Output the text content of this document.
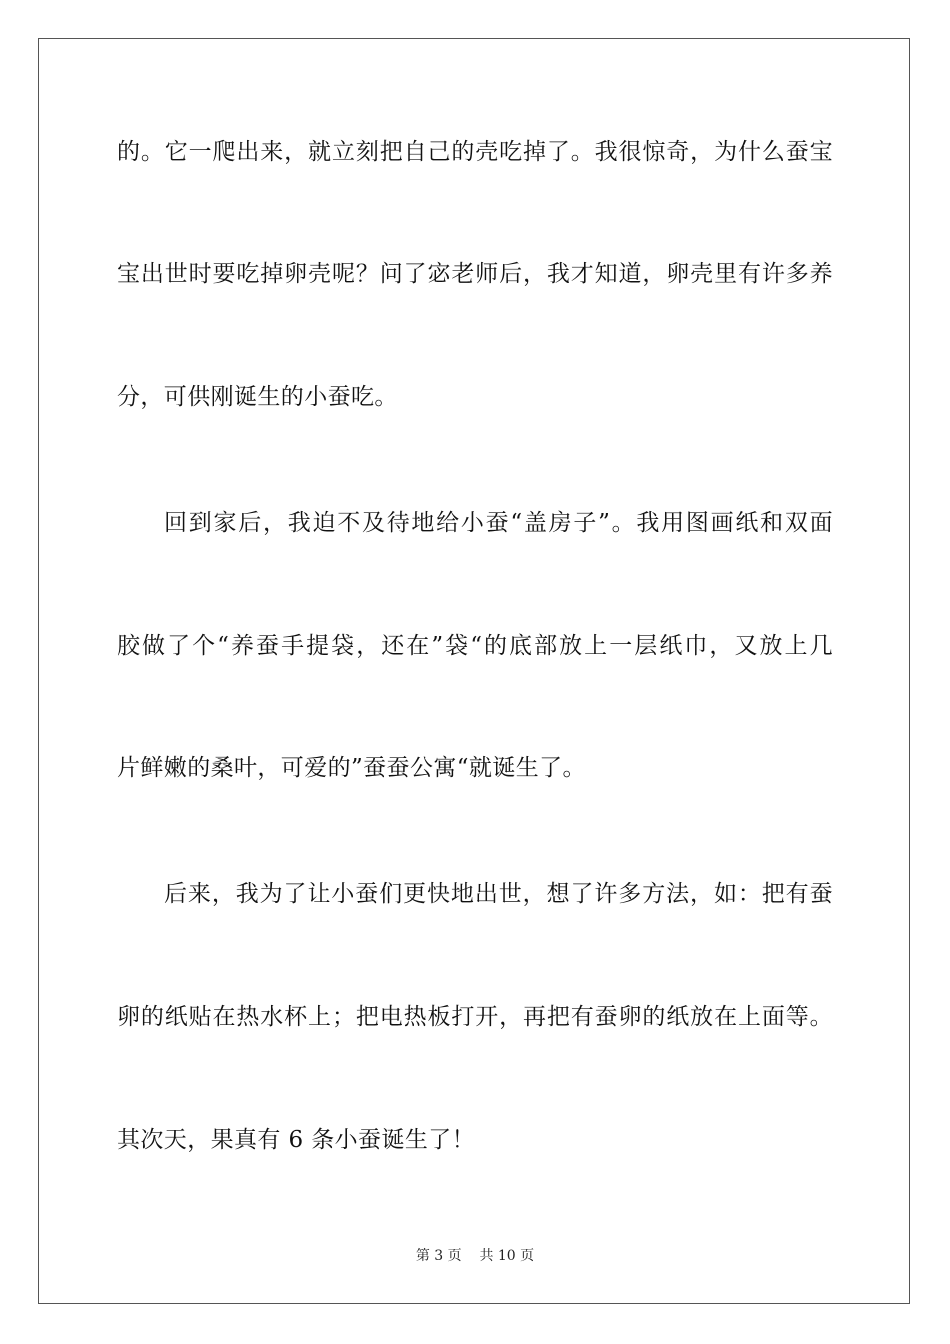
的。它一爬出来，就立刻把自己的壳吃掉了。我很惊奇，为什么蚕宝
宝出世时要吃掉卵壳呢？问了宓老师后，我才知道，卵壳里有许多养
分，可供刚诞生的小蚕吃。
回到家后，我迫不及待地给小蚕“盖房子”。我用图画纸和双面
胶做了个“养蚕手提袋，还在”袋“的底部放上一层纸巾，又放上几
片鲜嫩的桑叶，可爱的”蚕蚕公寓“就诞生了。
后来，我为了让小蚕们更快地出世，想了许多方法，如：把有蚕
卵的纸贴在热水杯上；把电热板打开，再把有蚕卵的纸放在上面等。
其次天，果真有 6 条小蚕诞生了！
第 3 页 共 10 页
